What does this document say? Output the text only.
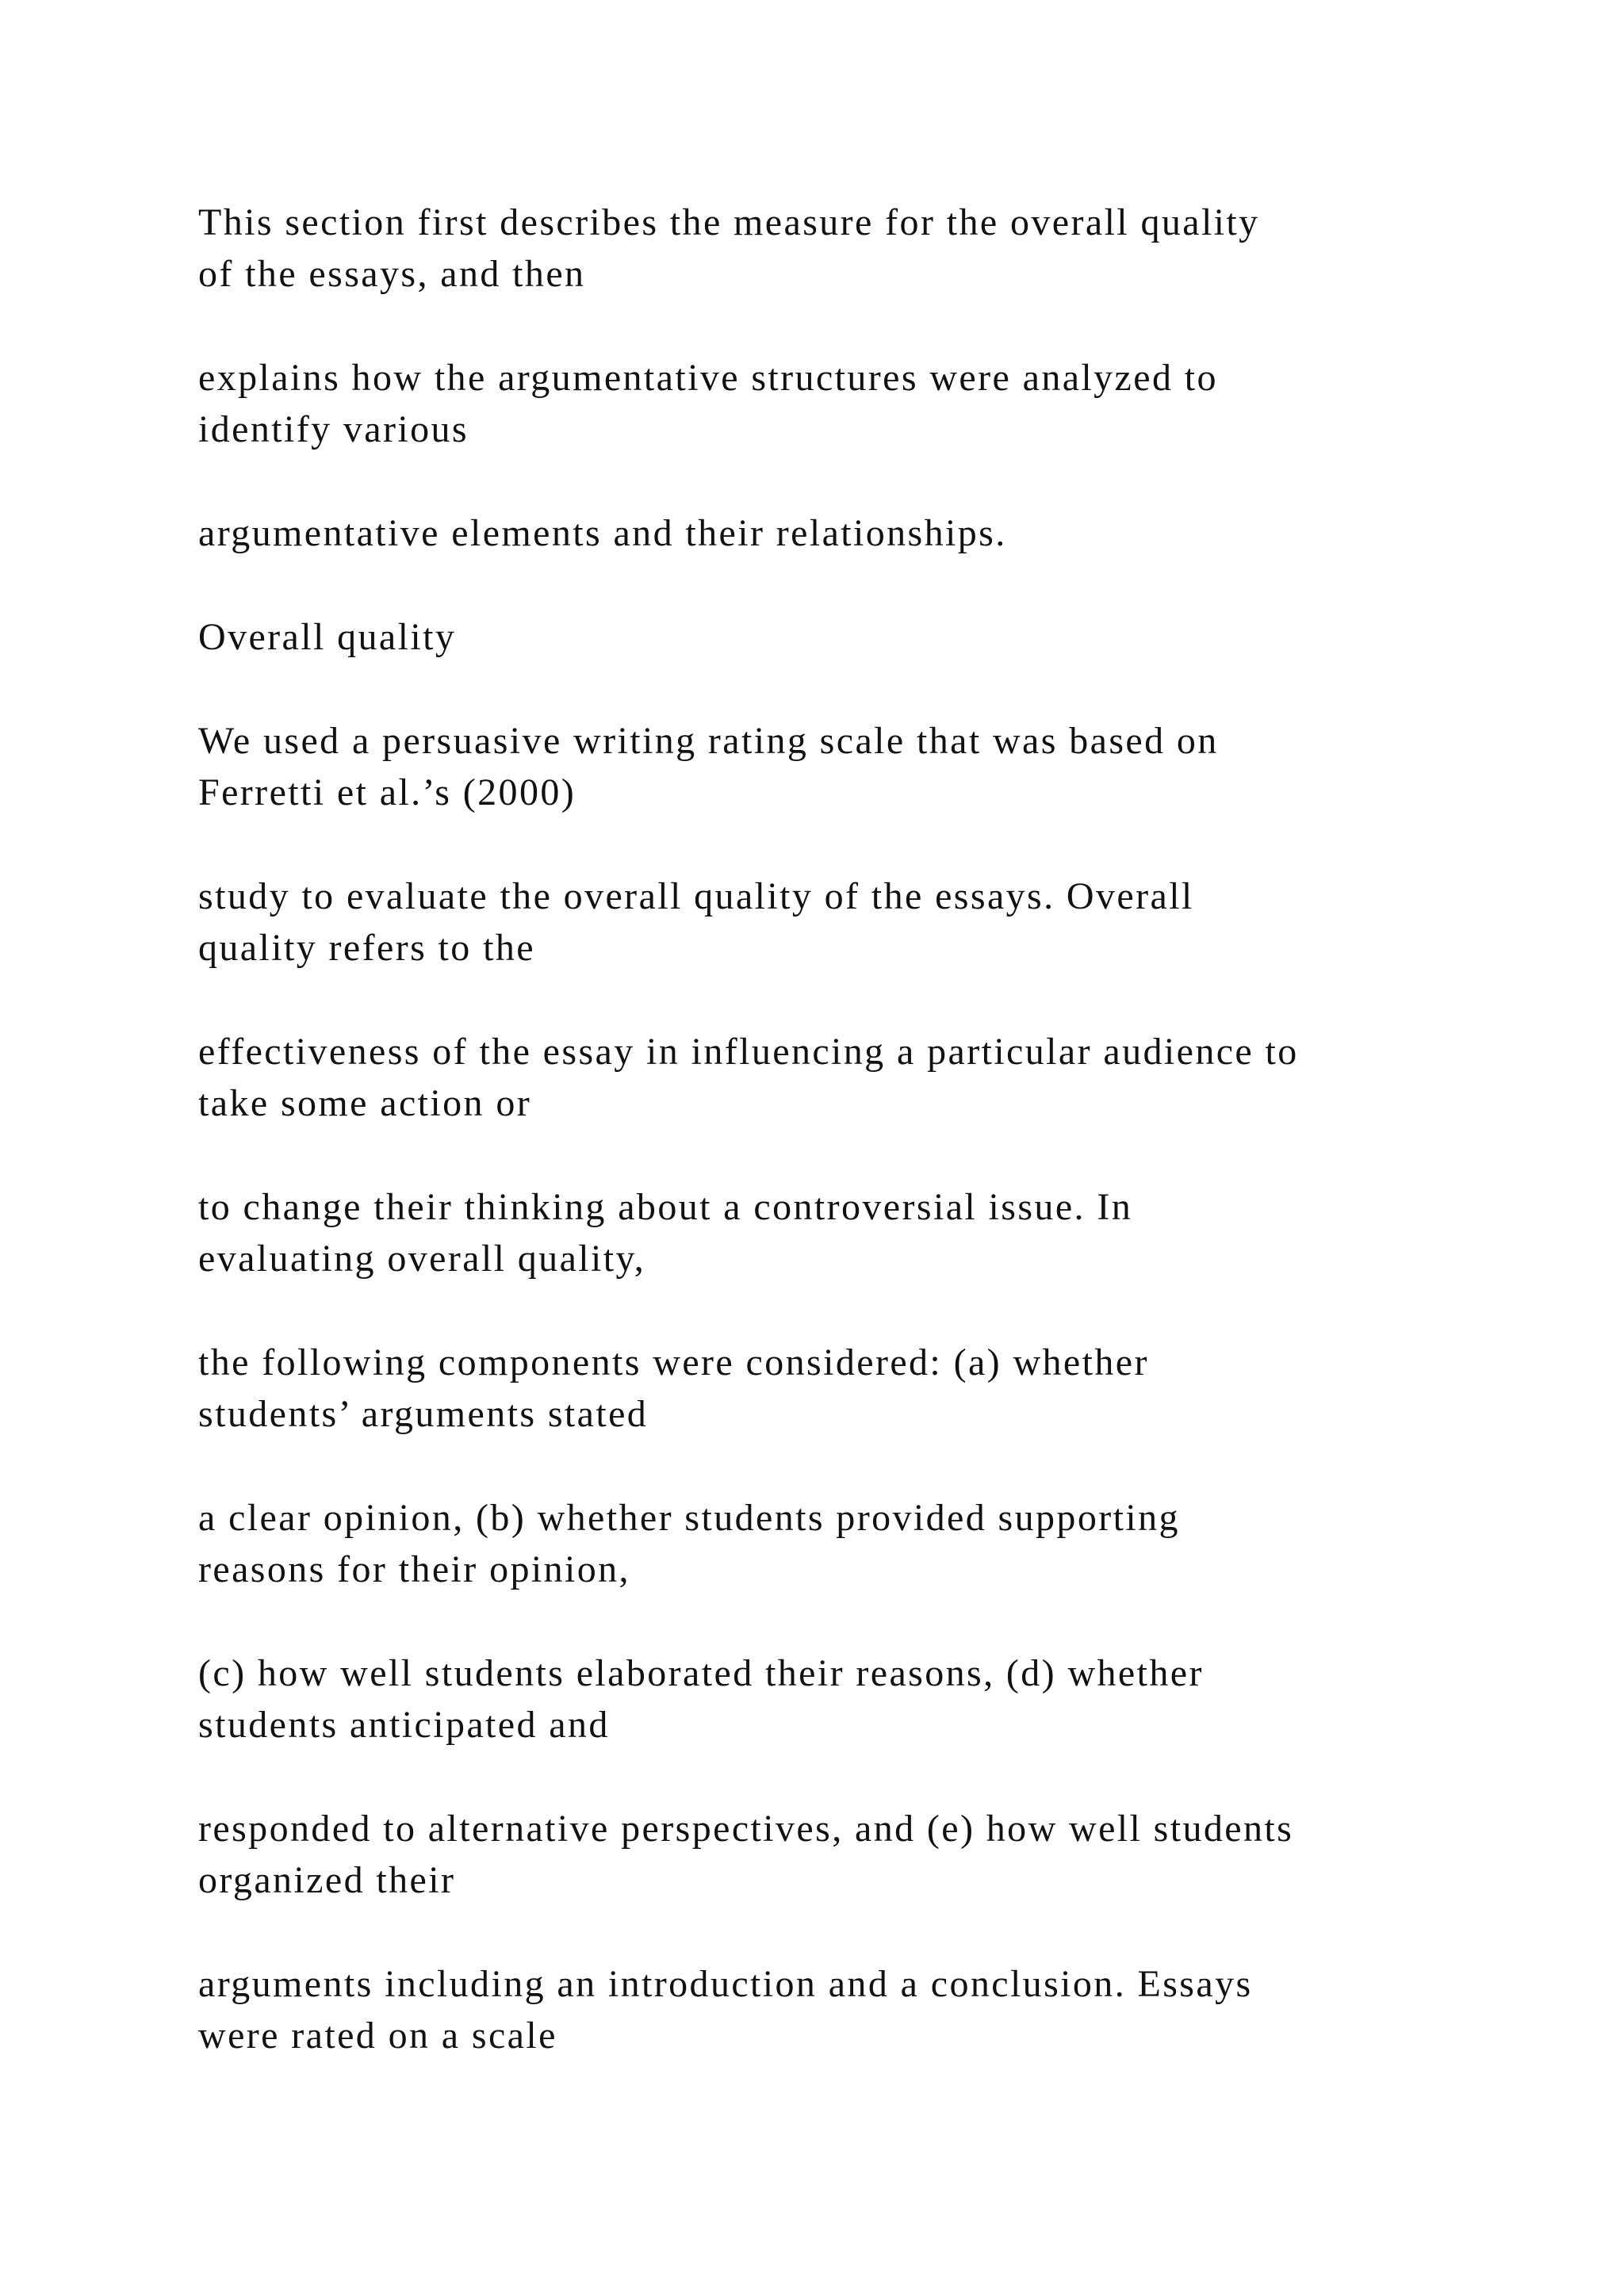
This section first describes the measure for the overall quality
of the essays, and then

explains how the argumentative structures were analyzed to
identify various

argumentative elements and their relationships.

Overall quality

We used a persuasive writing rating scale that was based on
Ferretti et al.’s (2000)

study to evaluate the overall quality of the essays. Overall
quality refers to the

effectiveness of the essay in influencing a particular audience to
take some action or

to change their thinking about a controversial issue. In
evaluating overall quality,

the following components were considered: (a) whether
students’ arguments stated

a clear opinion, (b) whether students provided supporting
reasons for their opinion,

(c) how well students elaborated their reasons, (d) whether
students anticipated and

responded to alternative perspectives, and (e) how well students
organized their

arguments including an introduction and a conclusion. Essays
were rated on a scale
